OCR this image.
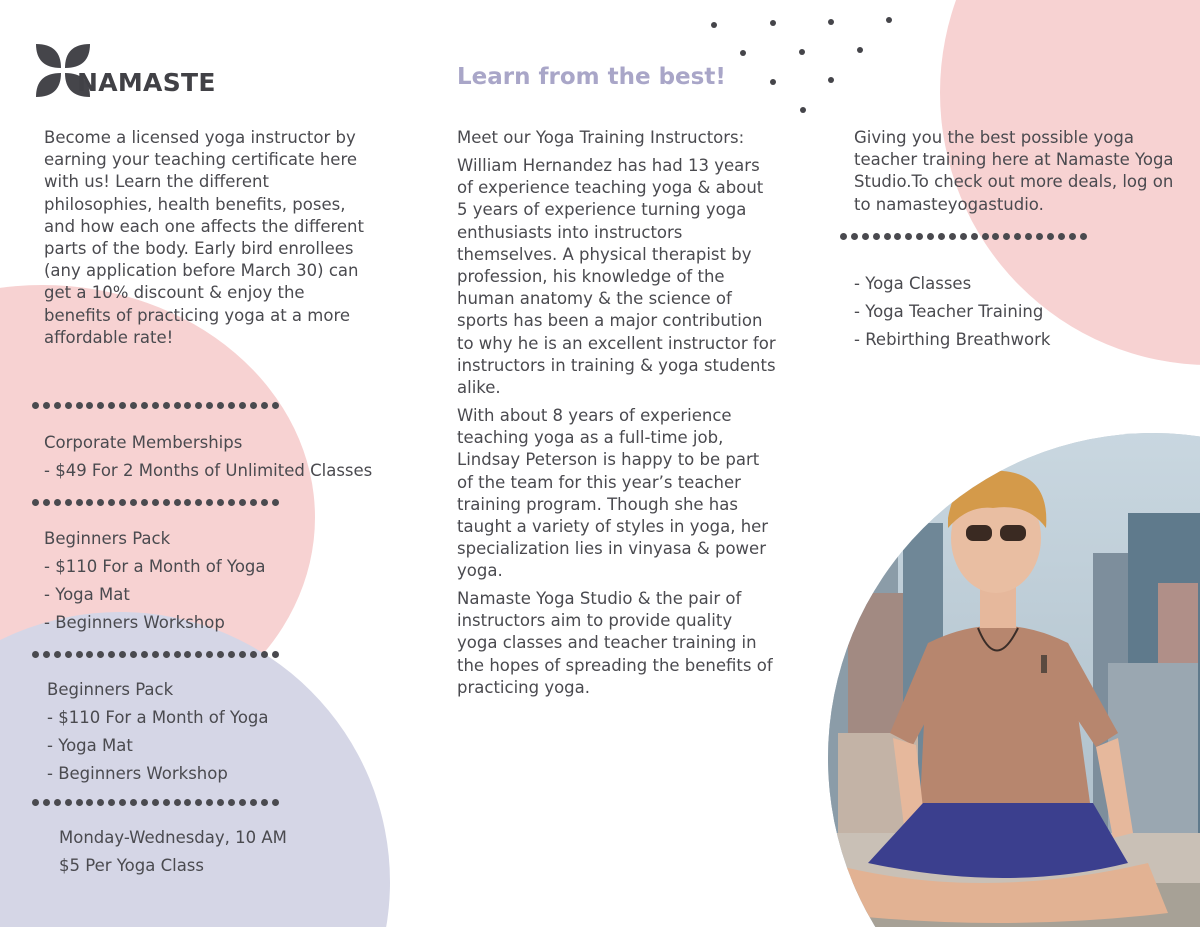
NAMASTE
Become a licensed yoga instructor by earning your teaching certificate here with us! Learn the different philosophies, health benefits, poses, and how each one affects the different parts of the body. Early bird enrollees (any application before March 30) can get a 10% discount & enjoy the benefits of practicing yoga at a more affordable rate!
Corporate Memberships
- $49 For 2 Months of Unlimited Classes
Beginners Pack
- $110 For a Month of Yoga
- Yoga Mat
- Beginners Workshop
Beginners Pack
- $110 For a Month of Yoga
- Yoga Mat
- Beginners Workshop
Monday-Wednesday, 10 AM
$5 Per Yoga Class
Learn from the best!
Meet our Yoga Training Instructors:
William Hernandez has had 13 years of experience teaching yoga & about 5 years of experience turning yoga enthusiasts into instructors themselves. A physical therapist by profession, his knowledge of the human anatomy & the science of sports has been a major contribution to why he is an excellent instructor for instructors in training & yoga students alike.
With about 8 years of experience teaching yoga as a full-time job, Lindsay Peterson is happy to be part of the team for this year’s teacher training program. Though she has taught a variety of styles in yoga, her specialization lies in vinyasa & power yoga.
Namaste Yoga Studio & the pair of instructors aim to provide quality yoga classes and teacher training in the hopes of spreading the benefits of practicing yoga.
Giving you the best possible yoga teacher training here at Namaste Yoga Studio.To check out more deals, log on to namasteyogastudio.
- Yoga Classes
- Yoga Teacher Training
- Rebirthing Breathwork
